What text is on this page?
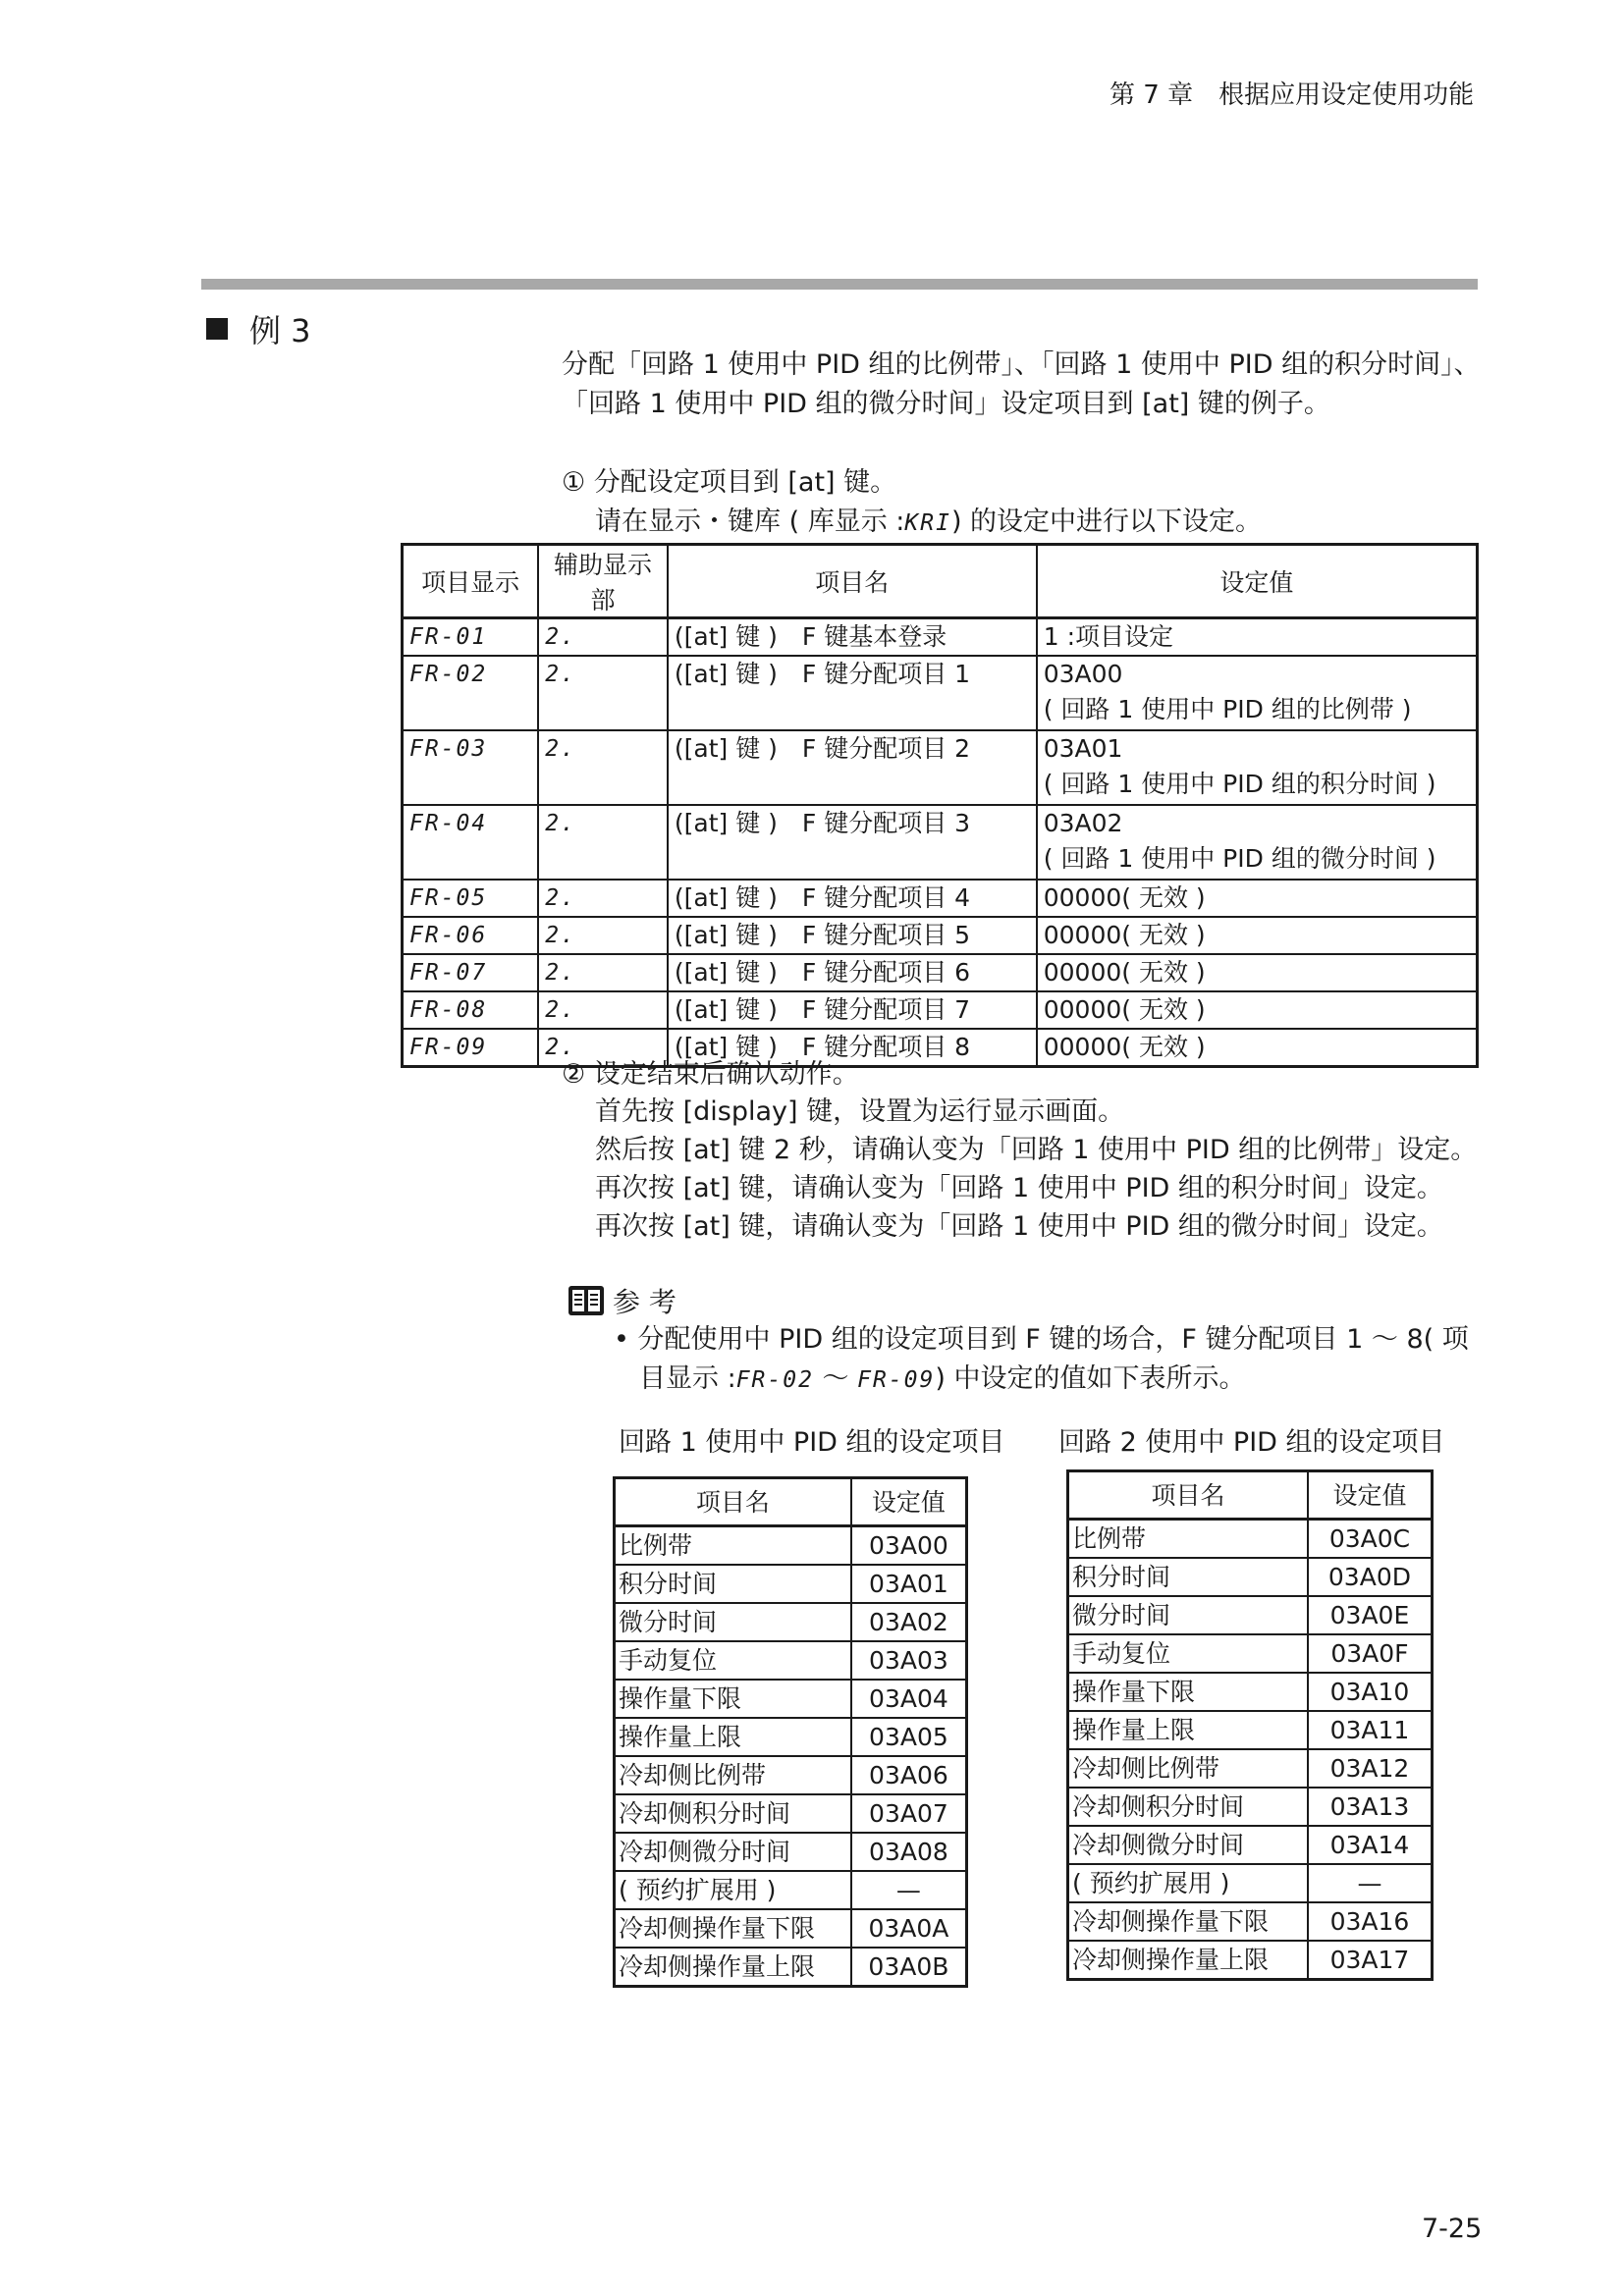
第 7 章　根据应用设定使用功能
例 3
分配「回路 1 使用中 PID 组的比例带」、「回路 1 使用中 PID 组的积分时间」、
「回路 1 使用中 PID 组的微分时间」设定项目到 [at] 键的例子。
① 分配设定项目到 [at] 键。
请在显示・键库 ( 库显示 :KRI) 的设定中进行以下设定。
项目显示	辅助显示部	项目名	设定值
FR-01	2.	([at] 键 )　F 键基本登录	1 :项目设定
FR-02	2.	([at] 键 )　F 键分配项目 1	03A00
( 回路 1 使用中 PID 组的比例带 )

FR-03	2.	([at] 键 )　F 键分配项目 2	03A01
( 回路 1 使用中 PID 组的积分时间 )

FR-04	2.	([at] 键 )　F 键分配项目 3	03A02
( 回路 1 使用中 PID 组的微分时间 )

FR-05	2.	([at] 键 )　F 键分配项目 4	00000( 无效 )
FR-06	2.	([at] 键 )　F 键分配项目 5	00000( 无效 )
FR-07	2.	([at] 键 )　F 键分配项目 6	00000( 无效 )
FR-08	2.	([at] 键 )　F 键分配项目 7	00000( 无效 )
FR-09	2.	([at] 键 )　F 键分配项目 8	00000( 无效 )
② 设定结束后确认动作。
首先按 [display] 键，设置为运行显示画面。
然后按 [at] 键 2 秒，请确认变为「回路 1 使用中 PID 组的比例带」设定。
再次按 [at] 键，请确认变为「回路 1 使用中 PID 组的积分时间」设定。
再次按 [at] 键，请确认变为「回路 1 使用中 PID 组的微分时间」设定。
参 考
• 分配使用中 PID 组的设定项目到 F 键的场合，F 键分配项目 1 ～ 8( 项
目显示 :FR-02 ～ FR-09) 中设定的值如下表所示。
回路 1 使用中 PID 组的设定项目 回路 2 使用中 PID 组的设定项目
项目名	设定值
比例带	03A00
积分时间	03A01
微分时间	03A02
手动复位	03A03
操作量下限	03A04
操作量上限	03A05
冷却侧比例带	03A06
冷却侧积分时间	03A07
冷却侧微分时间	03A08
( 预约扩展用 )	—
冷却侧操作量下限	03A0A
冷却侧操作量上限	03A0B
项目名	设定值
比例带	03A0C
积分时间	03A0D
微分时间	03A0E
手动复位	03A0F
操作量下限	03A10
操作量上限	03A11
冷却侧比例带	03A12
冷却侧积分时间	03A13
冷却侧微分时间	03A14
( 预约扩展用 )	—
冷却侧操作量下限	03A16
冷却侧操作量上限	03A17
7-25
